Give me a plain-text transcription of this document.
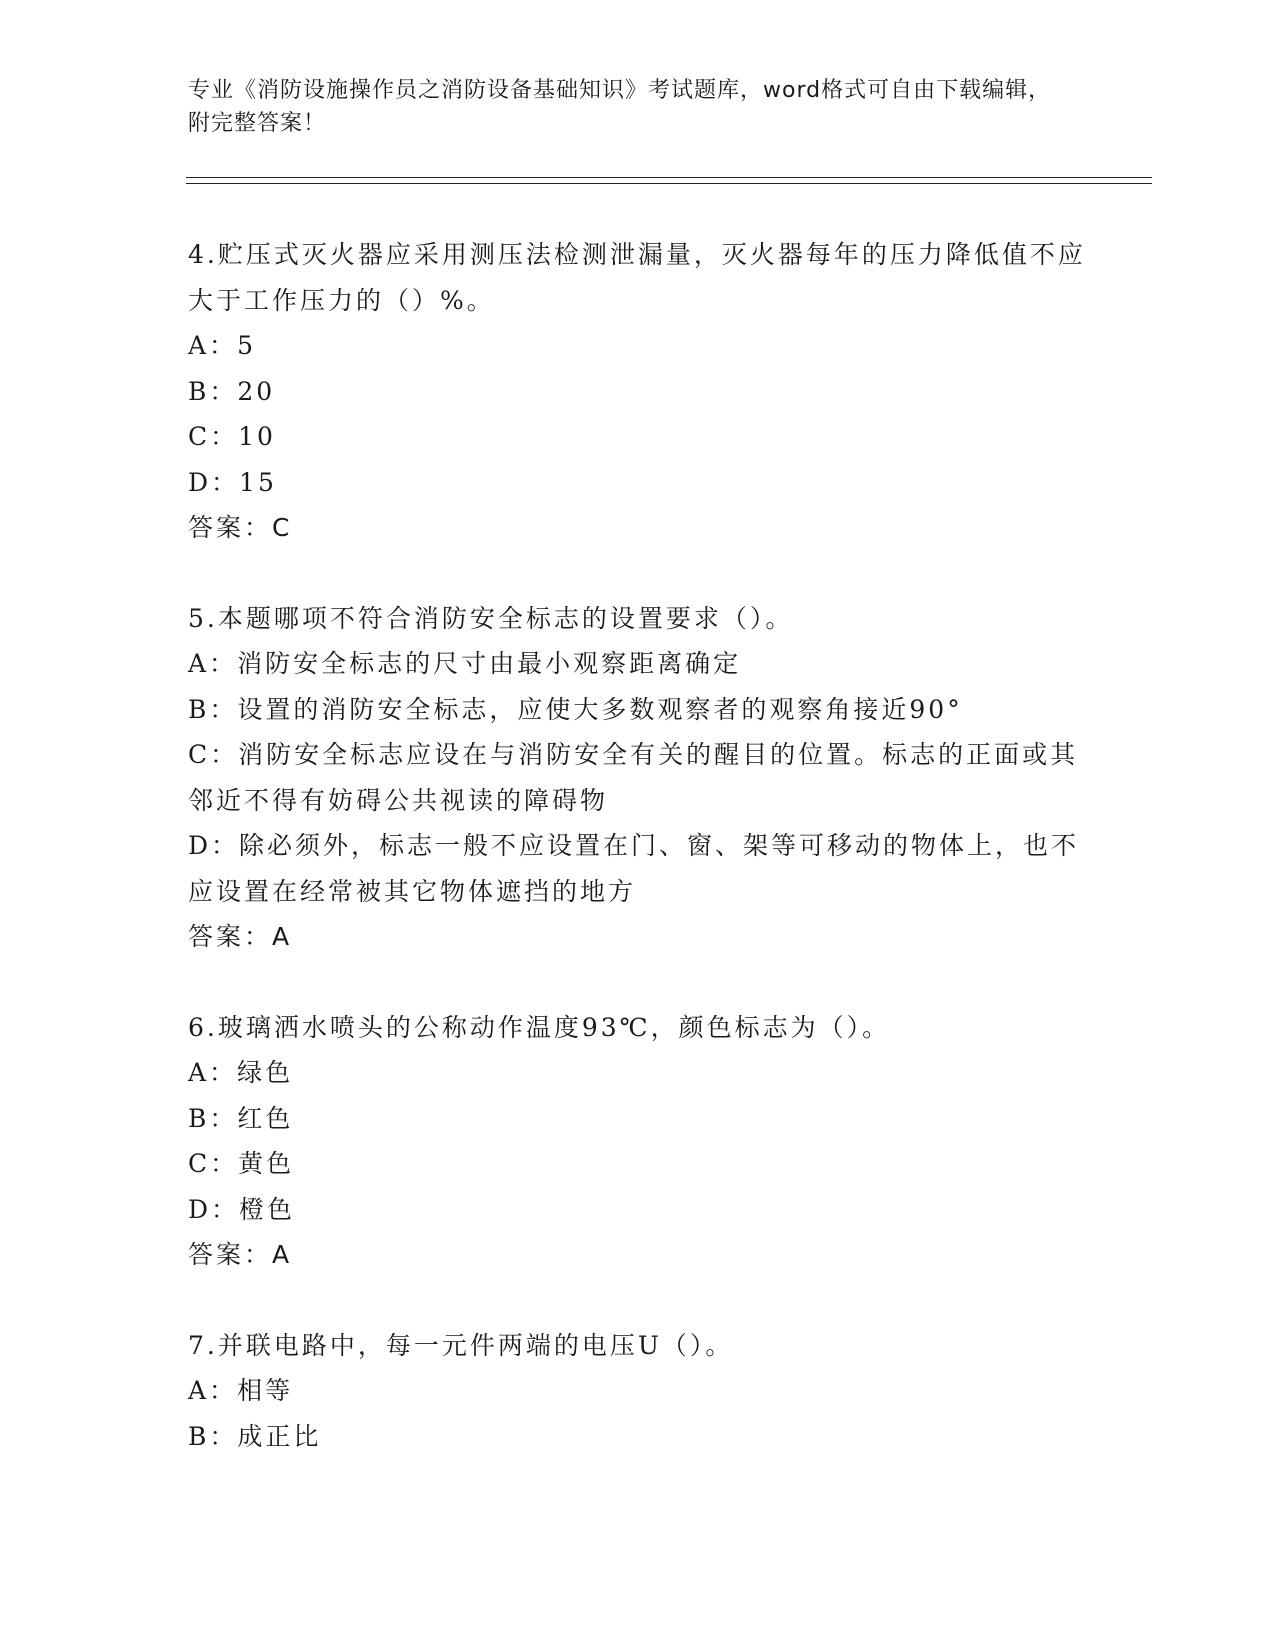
专业《消防设施操作员之消防设备基础知识》考试题库，word格式可自由下载编辑，附完整答案！

4.贮压式灭火器应采用测压法检测泄漏量，灭火器每年的压力降低值不应大于工作压力的（）%。

A：5

B：20

C：10

D：15

答案：C

5.本题哪项不符合消防安全标志的设置要求（）。

A：消防安全标志的尺寸由最小观察距离确定

B：设置的消防安全标志，应使大多数观察者的观察角接近90°

C：消防安全标志应设在与消防安全有关的醒目的位置。标志的正面或其邻近不得有妨碍公共视读的障碍物

D：除必须外，标志一般不应设置在门、窗、架等可移动的物体上，也不应设置在经常被其它物体遮挡的地方

答案：A

6.玻璃洒水喷头的公称动作温度93℃，颜色标志为（）。

A：绿色

B：红色

C：黄色

D：橙色

答案：A

7.并联电路中，每一元件两端的电压U（）。

A：相等

B：成正比
